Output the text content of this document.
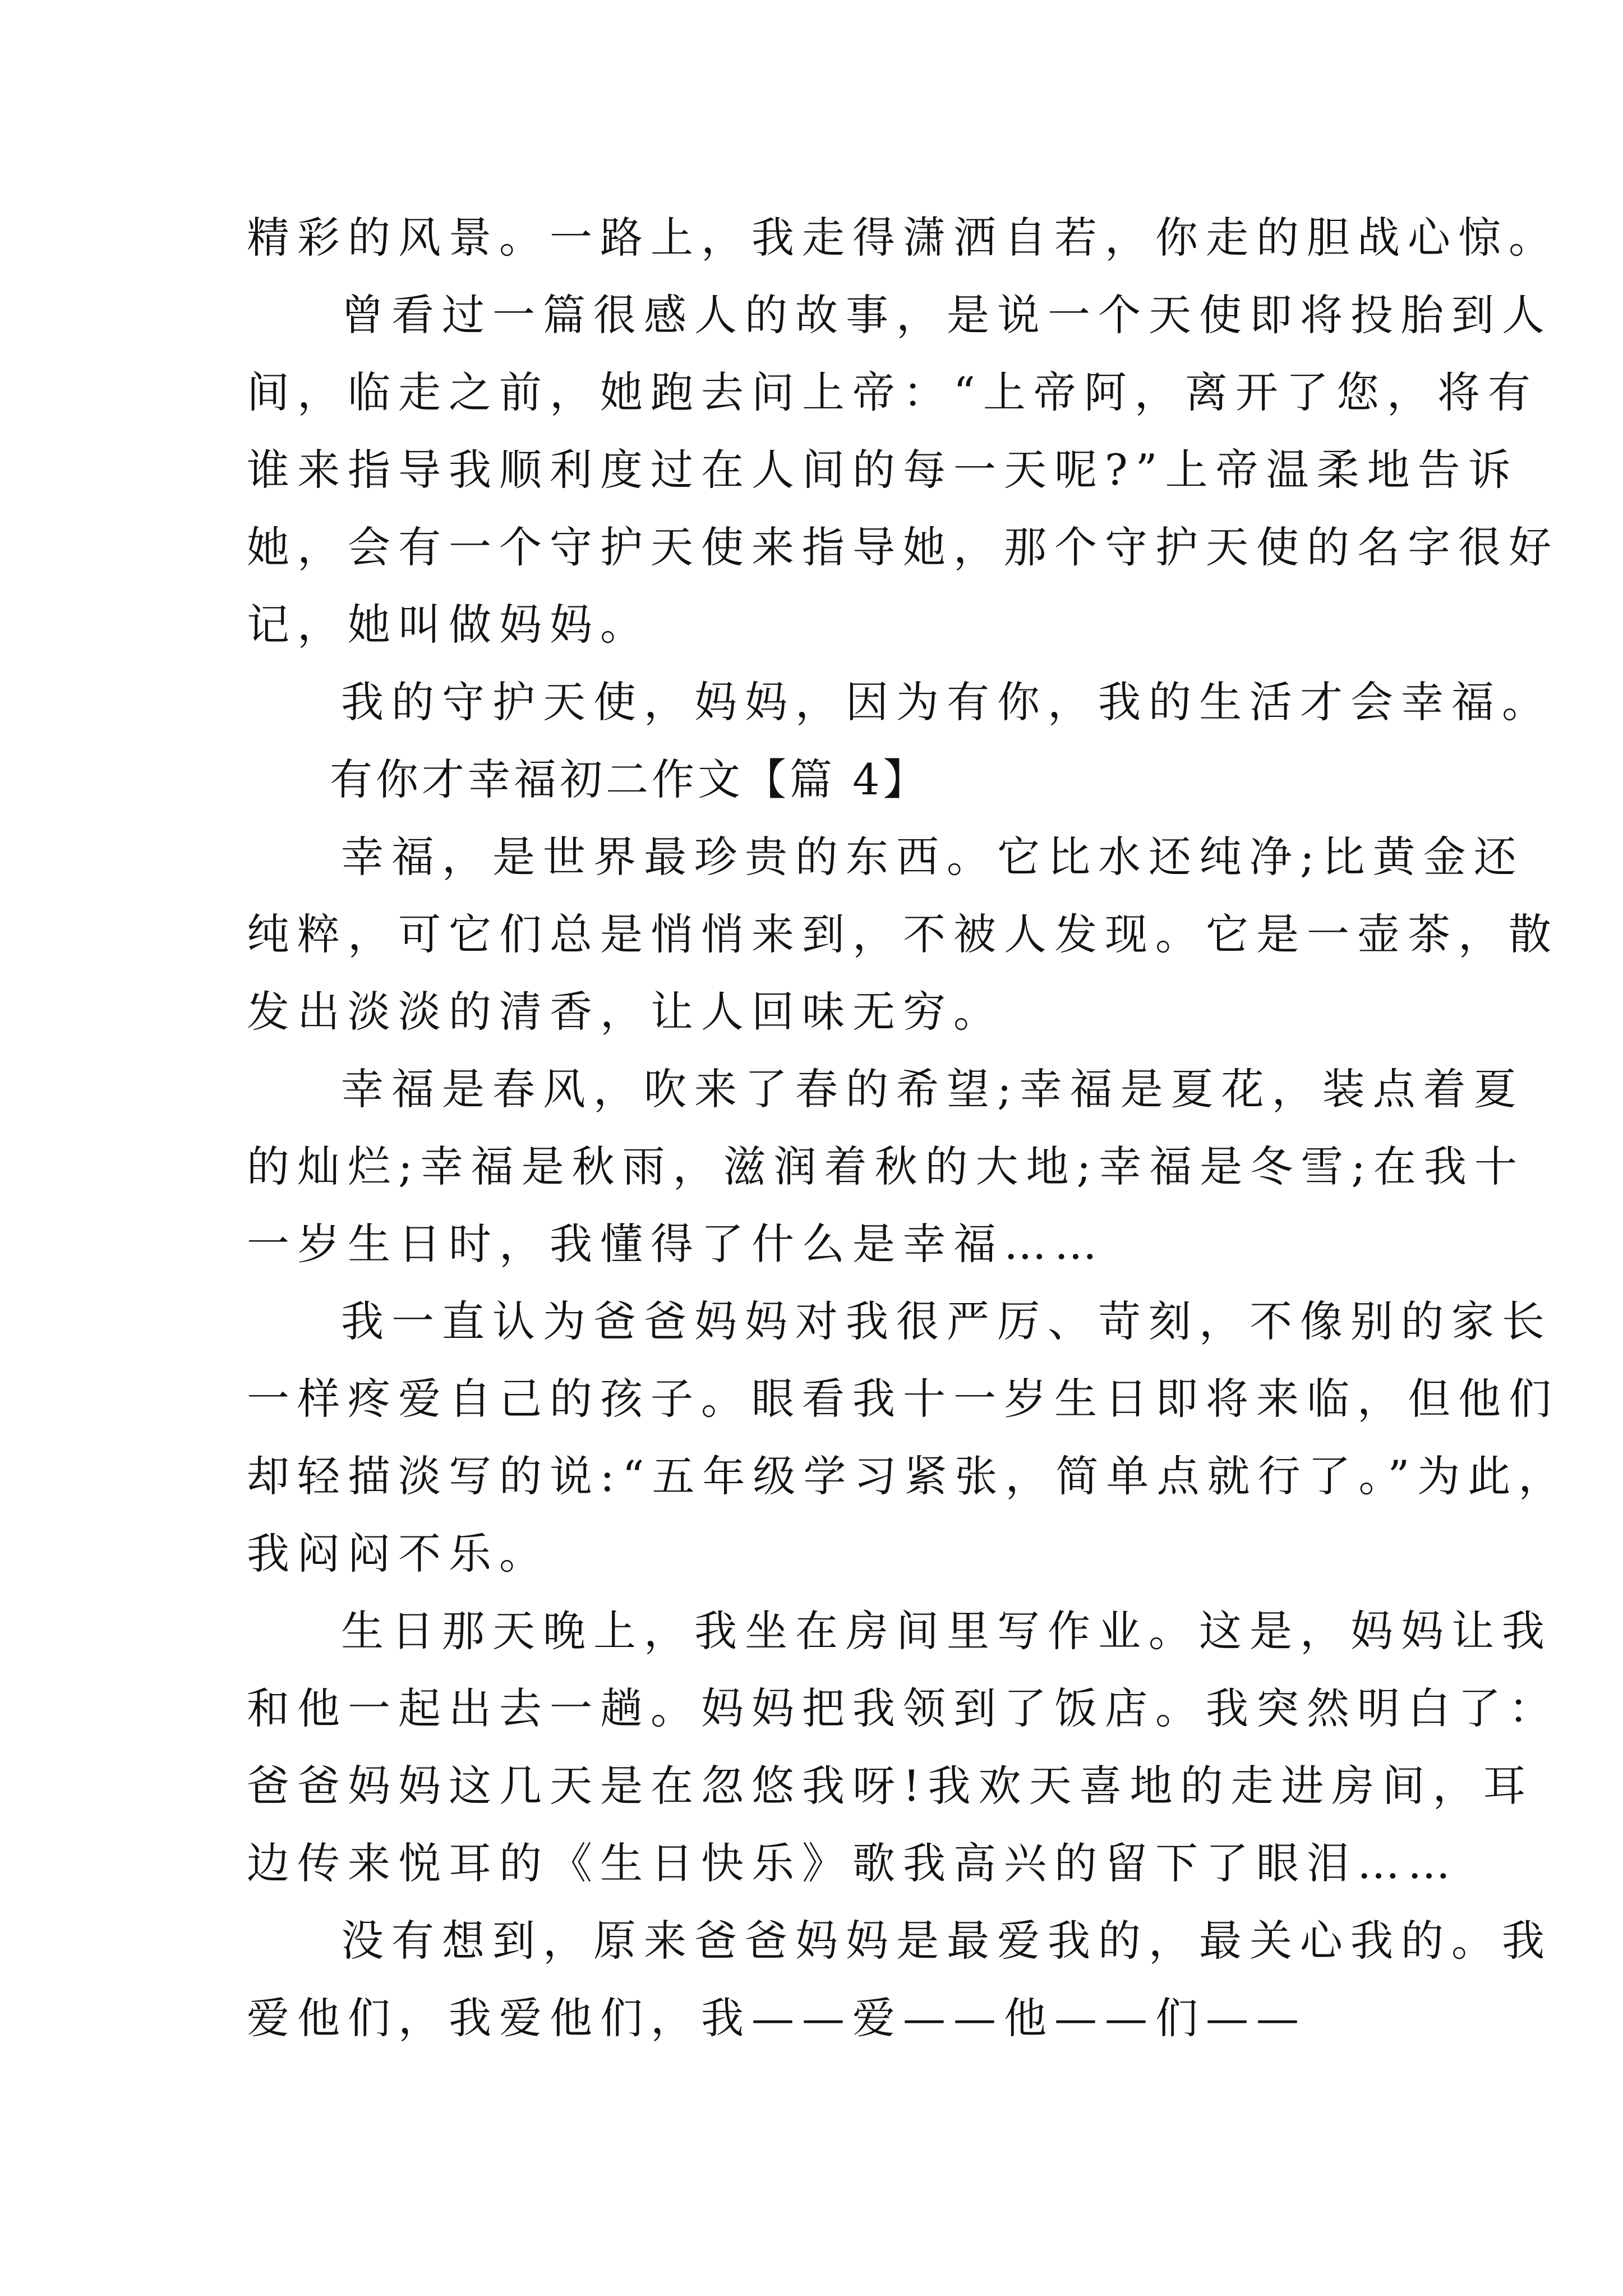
精彩的风景。一路上，我走得潇洒自若，你走的胆战心惊。
曾看过一篇很感人的故事，是说一个天使即将投胎到人
间，临走之前，她跑去问上帝：“上帝阿，离开了您，将有
谁来指导我顺利度过在人间的每一天呢?”上帝温柔地告诉
她，会有一个守护天使来指导她，那个守护天使的名字很好
记，她叫做妈妈。
我的守护天使，妈妈，因为有你，我的生活才会幸福。
有你才幸福初二作文【篇 4】
幸福，是世界最珍贵的东西。它比水还纯净;比黄金还
纯粹，可它们总是悄悄来到，不被人发现。它是一壶茶，散
发出淡淡的清香，让人回味无穷。
幸福是春风，吹来了春的希望;幸福是夏花，装点着夏
的灿烂;幸福是秋雨，滋润着秋的大地;幸福是冬雪;在我十
一岁生日时，我懂得了什么是幸福……
我一直认为爸爸妈妈对我很严厉、苛刻，不像别的家长
一样疼爱自己的孩子。眼看我十一岁生日即将来临，但他们
却轻描淡写的说:“五年级学习紧张，简单点就行了。”为此，
我闷闷不乐。
生日那天晚上，我坐在房间里写作业。这是，妈妈让我
和他一起出去一趟。妈妈把我领到了饭店。我突然明白了：
爸爸妈妈这几天是在忽悠我呀!我欢天喜地的走进房间，耳
边传来悦耳的《生日快乐》歌我高兴的留下了眼泪……
没有想到，原来爸爸妈妈是最爱我的，最关心我的。我
爱他们，我爱他们，我——爱——他——们——
